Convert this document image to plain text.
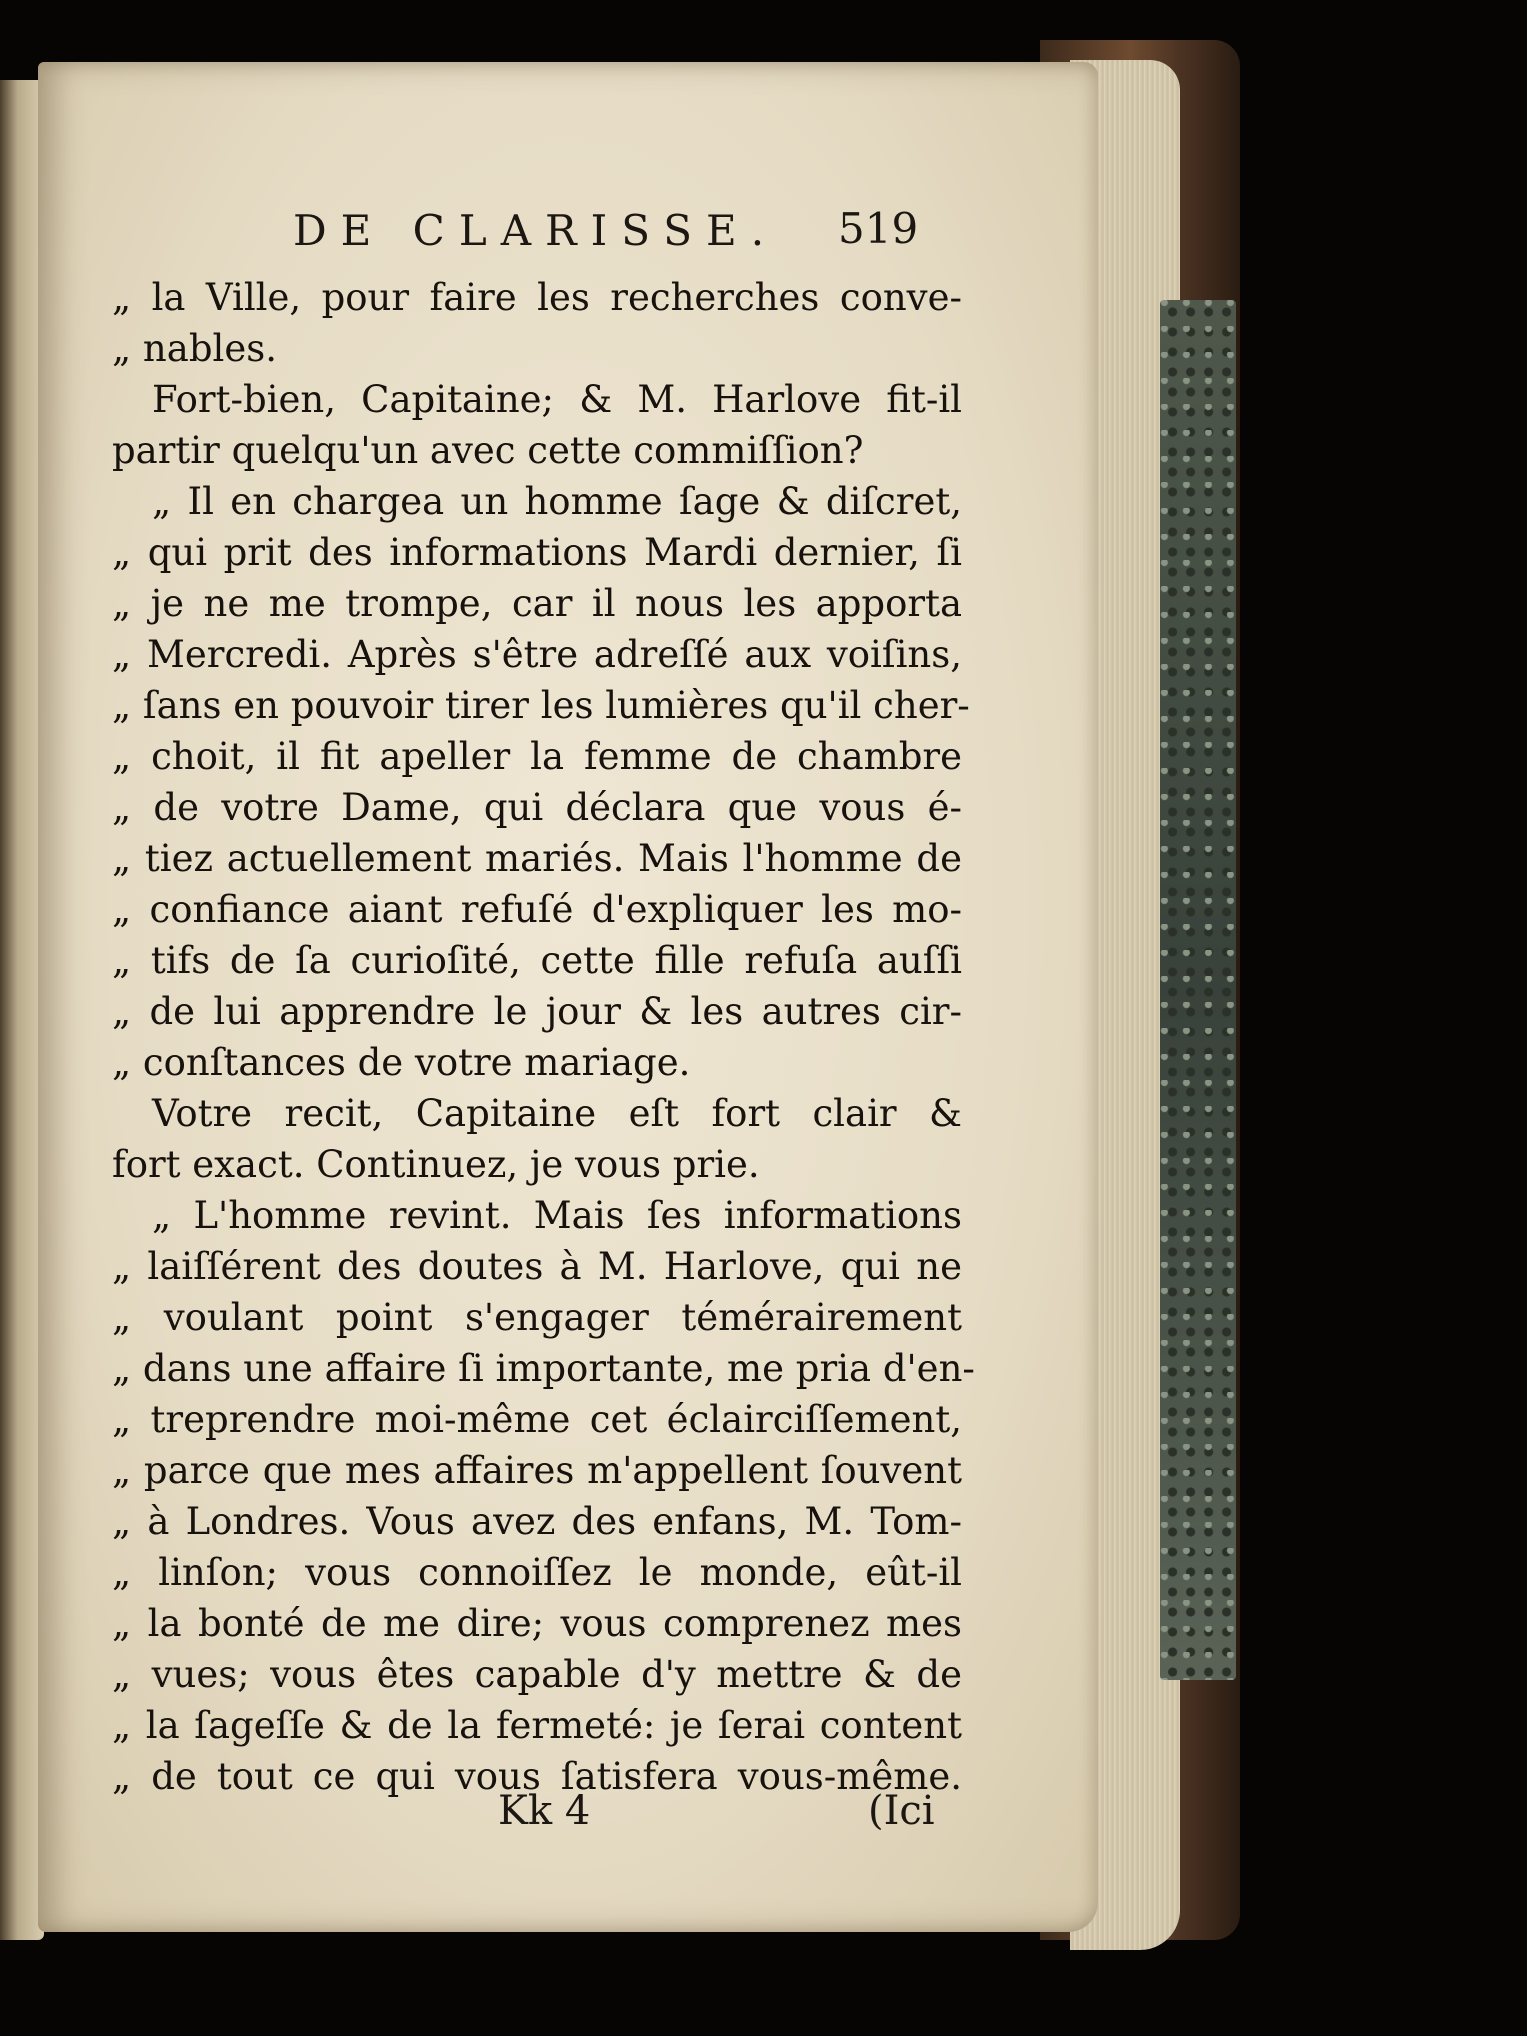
DE CLARISSE. 519
„ la Ville, pour faire les recherches conve-
„ nables.
Fort-bien, Capitaine; & M. Harlove fit-il
partir quelqu'un avec cette commiſſion?
„ Il en chargea un homme ſage & diſcret,
„ qui prit des informations Mardi dernier, ſi
„ je ne me trompe, car il nous les apporta
„ Mercredi. Après s'être adreſſé aux voiſins,
„ ſans en pouvoir tirer les lumières qu'il cher-
„ choit, il fit apeller la femme de chambre
„ de votre Dame, qui déclara que vous é-
„ tiez actuellement mariés. Mais l'homme de
„ confiance aiant refuſé d'expliquer les mo-
„ tifs de ſa curioſité, cette fille refuſa auſſi
„ de lui apprendre le jour & les autres cir-
„ conſtances de votre mariage.
Votre recit, Capitaine eſt fort clair &
fort exact. Continuez, je vous prie.
„ L'homme revint. Mais ſes informations
„ laiſſérent des doutes à M. Harlove, qui ne
„ voulant point s'engager témérairement
„ dans une affaire ſi importante, me pria d'en-
„ treprendre moi-même cet éclairciſſement,
„ parce que mes affaires m'appellent ſouvent
„ à Londres. Vous avez des enfans, M. Tom-
„ linſon; vous connoiſſez le monde, eût-il
„ la bonté de me dire; vous comprenez mes
„ vues; vous êtes capable d'y mettre & de
„ la ſageſſe & de la fermeté: je ſerai content
„ de tout ce qui vous ſatisfera vous-même.
Kk 4	(Ici
